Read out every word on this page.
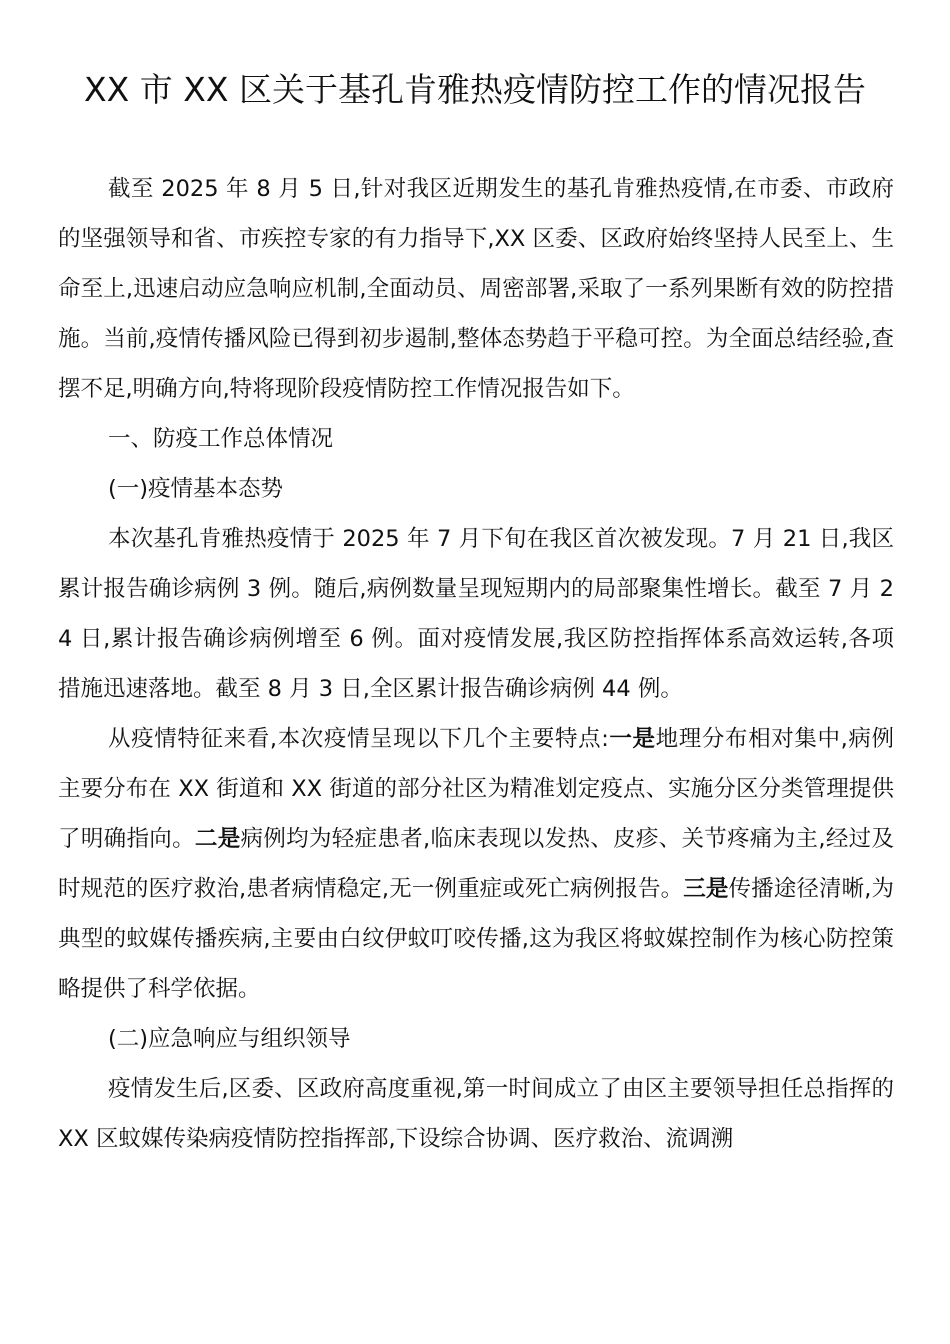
XX 市 XX 区关于基孔肯雅热疫情防控工作的情况报告

截至 2025 年 8 月 5 日,针对我区近期发生的基孔肯雅热疫情,在市委、市政府的坚强领导和省、市疾控专家的有力指导下,XX 区委、区政府始终坚持人民至上、生命至上,迅速启动应急响应机制,全面动员、周密部署,采取了一系列果断有效的防控措施。当前,疫情传播风险已得到初步遏制,整体态势趋于平稳可控。为全面总结经验,查摆不足,明确方向,特将现阶段疫情防控工作情况报告如下。

一、防疫工作总体情况

(一)疫情基本态势

本次基孔肯雅热疫情于 2025 年 7 月下旬在我区首次被发现。7 月 21 日,我区累计报告确诊病例 3 例。随后,病例数量呈现短期内的局部聚集性增长。截至 7 月 24 日,累计报告确诊病例增至 6 例。面对疫情发展,我区防控指挥体系高效运转,各项措施迅速落地。截至 8 月 3 日,全区累计报告确诊病例 44 例。

从疫情特征来看,本次疫情呈现以下几个主要特点:一是地理分布相对集中,病例主要分布在 XX 街道和 XX 街道的部分社区为精准划定疫点、实施分区分类管理提供了明确指向。二是病例均为轻症患者,临床表现以发热、皮疹、关节疼痛为主,经过及时规范的医疗救治,患者病情稳定,无一例重症或死亡病例报告。三是传播途径清晰,为典型的蚊媒传播疾病,主要由白纹伊蚊叮咬传播,这为我区将蚊媒控制作为核心防控策略提供了科学依据。

(二)应急响应与组织领导

疫情发生后,区委、区政府高度重视,第一时间成立了由区主要领导担任总指挥的 XX 区蚊媒传染病疫情防控指挥部,下设综合协调、医疗救治、流调溯
